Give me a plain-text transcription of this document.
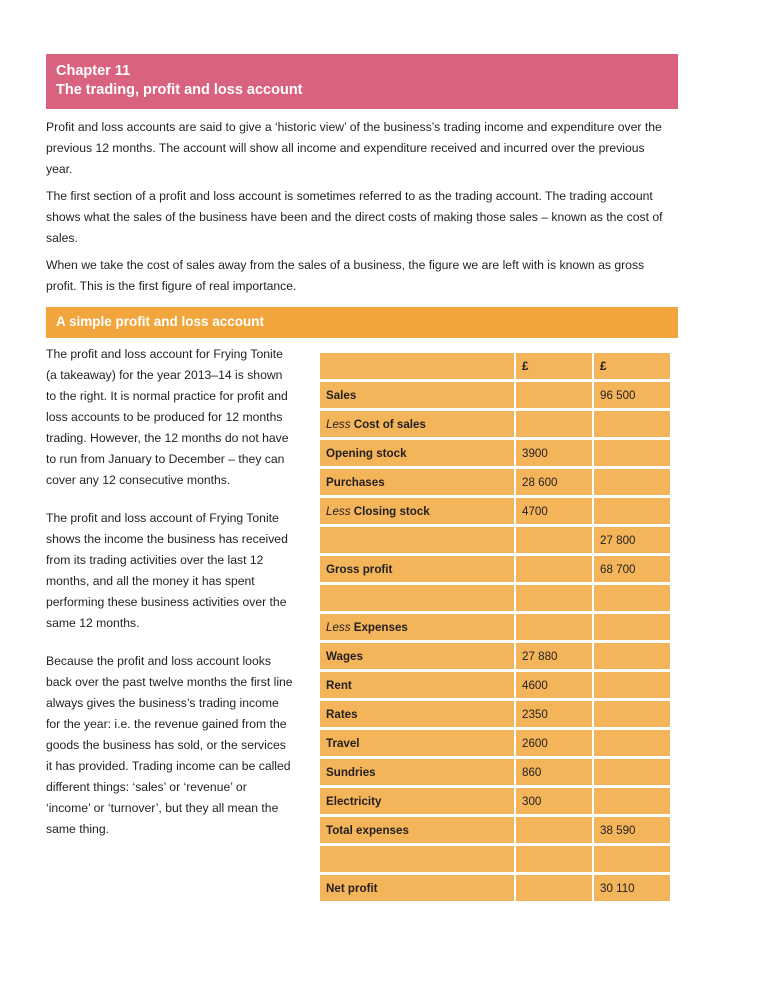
Chapter 11
The trading, profit and loss account
Profit and loss accounts are said to give a ‘historic view’ of the business’s trading income and expenditure over the previous 12 months. The account will show all income and expenditure received and incurred over the previous year.
The first section of a profit and loss account is sometimes referred to as the trading account. The trading account shows what the sales of the business have been and the direct costs of making those sales – known as the cost of sales.
When we take the cost of sales away from the sales of a business, the figure we are left with is known as gross profit. This is the first figure of real importance.
A simple profit and loss account

The profit and loss account for Frying Tonite (a takeaway) for the year 2013–14 is shown to the right. It is normal practice for profit and loss accounts to be produced for 12 months trading. However, the 12 months do not have to run from January to December – they can cover any 12 consecutive months.

The profit and loss account of Frying Tonite shows the income the business has received from its trading activities over the last 12 months, and all the money it has spent performing these business activities over the same 12 months.

Because the profit and loss account looks back over the past twelve months the first line always gives the business’s trading income for the year: i.e. the revenue gained from the goods the business has sold, or the services it has provided. Trading income can be called different things: ‘sales’ or ‘revenue’ or ‘income’ or ‘turnover’, but they all mean the same thing.

	£	£
Sales		96 500
Less Cost of sales		
Opening stock	3900	
Purchases	28 600	
Less Closing stock	4700	
		27 800
Gross profit		68 700

Less Expenses		
Wages	27 880	
Rent	4600	
Rates	2350	
Travel	2600	
Sundries	860	
Electricity	300	
Total expenses		38 590

Net profit		30 110
